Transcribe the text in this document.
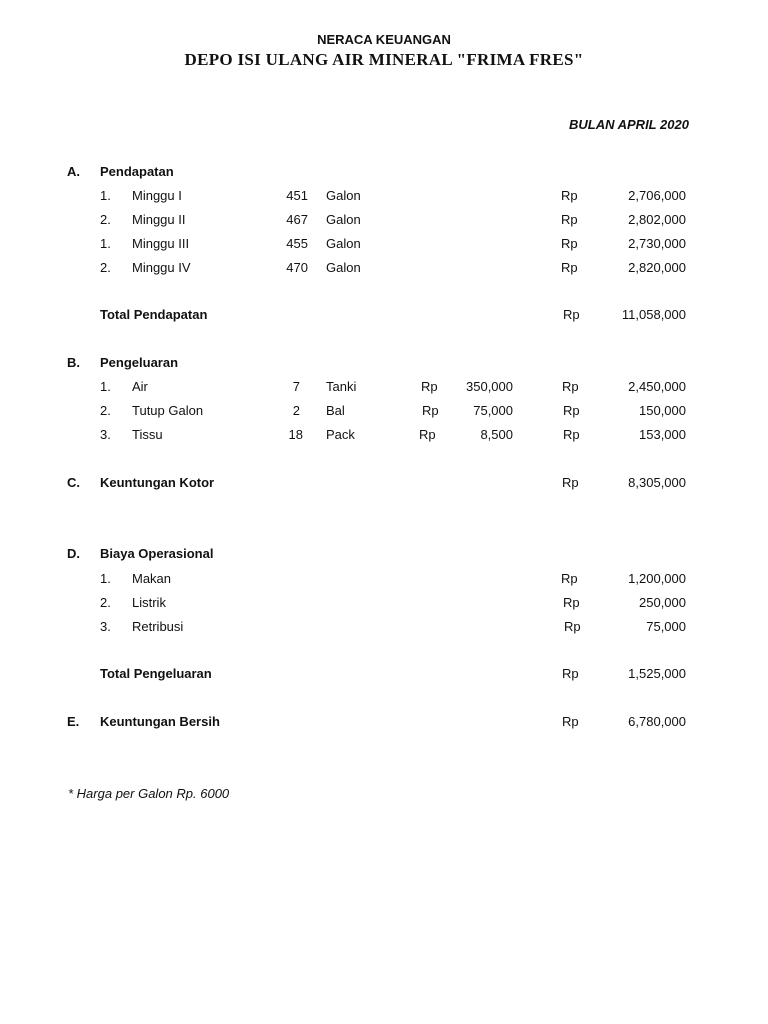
NERACA KEUANGAN
DEPO ISI ULANG AIR MINERAL "FRIMA FRES"
BULAN APRIL 2020
A. Pendapatan
1. Minggu I	451 Galon	Rp	2,706,000
2. Minggu II	467 Galon	Rp	2,802,000
1. Minggu III	455 Galon	Rp	2,730,000
2. Minggu IV	470 Galon	Rp	2,820,000
Total Pendapatan	Rp	11,058,000
B. Pengeluaran
1. Air	7 Tanki	Rp	350,000	Rp	2,450,000
2. Tutup Galon	2 Bal	Rp	75,000	Rp	150,000
3. Tissu	18 Pack	Rp	8,500	Rp	153,000
C. Keuntungan Kotor	Rp	8,305,000
D. Biaya Operasional
1. Makan	Rp	1,200,000
2. Listrik	Rp	250,000
3. Retribusi	Rp	75,000
Total Pengeluaran	Rp	1,525,000
E. Keuntungan Bersih	Rp	6,780,000
* Harga per Galon Rp. 6000
